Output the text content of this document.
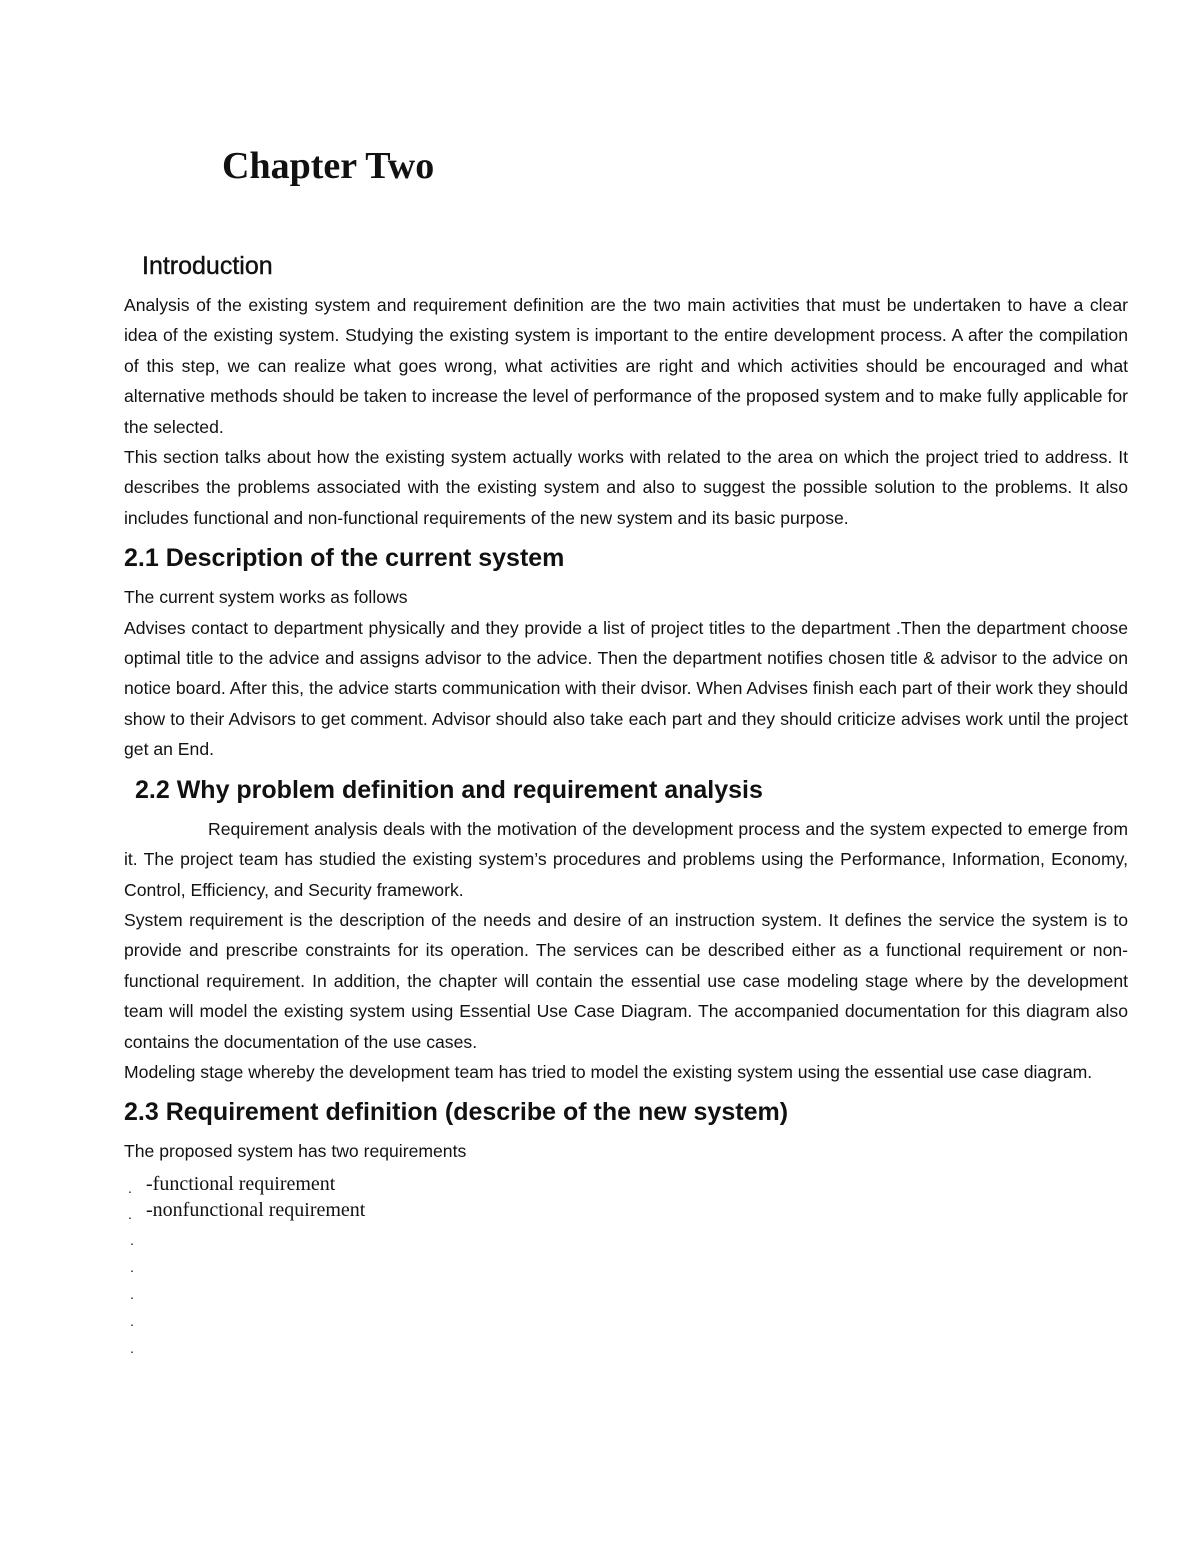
Chapter Two
Introduction

Analysis of the existing system and requirement definition are the two main activities that must be undertaken to have a clear idea of the existing system. Studying the existing system is important to the entire development process. A after the compilation of this step, we can realize what goes wrong, what activities are right and which activities should be encouraged and what alternative methods should be taken to increase the level of performance of the proposed system and to make fully applicable for the selected.

This section talks about how the existing system actually works with related to the area on which the project tried to address. It describes the problems associated with the existing system and also to suggest the possible solution to the problems. It also includes functional and non-functional requirements of the new system and its basic purpose.

2.1 Description of the current system

The current system works as follows

Advises contact to department physically and they provide a list of project titles to the department .Then the department choose optimal title to the advice and assigns advisor to the advice. Then the department notifies chosen title & advisor to the advice on notice board. After this, the advice starts communication with their dvisor. When Advises finish each part of their work they should show to their Advisors to get comment. Advisor should also take each part and they should criticize advises work until the project get an End.

2.2 Why problem definition and requirement analysis

Requirement analysis deals with the motivation of the development process and the system expected to emerge from it. The project team has studied the existing system’s procedures and problems using the Performance, Information, Economy, Control, Efficiency, and Security framework.

System requirement is the description of the needs and desire of an instruction system. It defines the service the system is to provide and prescribe constraints for its operation. The services can be described either as a functional requirement or non-functional requirement. In addition, the chapter will contain the essential use case modeling stage where by the development team will model the existing system using Essential Use Case Diagram. The accompanied documentation for this diagram also contains the documentation of the use cases.

Modeling stage whereby the development team has tried to model the existing system using the essential use case diagram.

2.3 Requirement definition (describe of the new system)

The proposed system has two requirements

. -functional requirement
. -nonfunctional requirement
.
.
.
.
.
